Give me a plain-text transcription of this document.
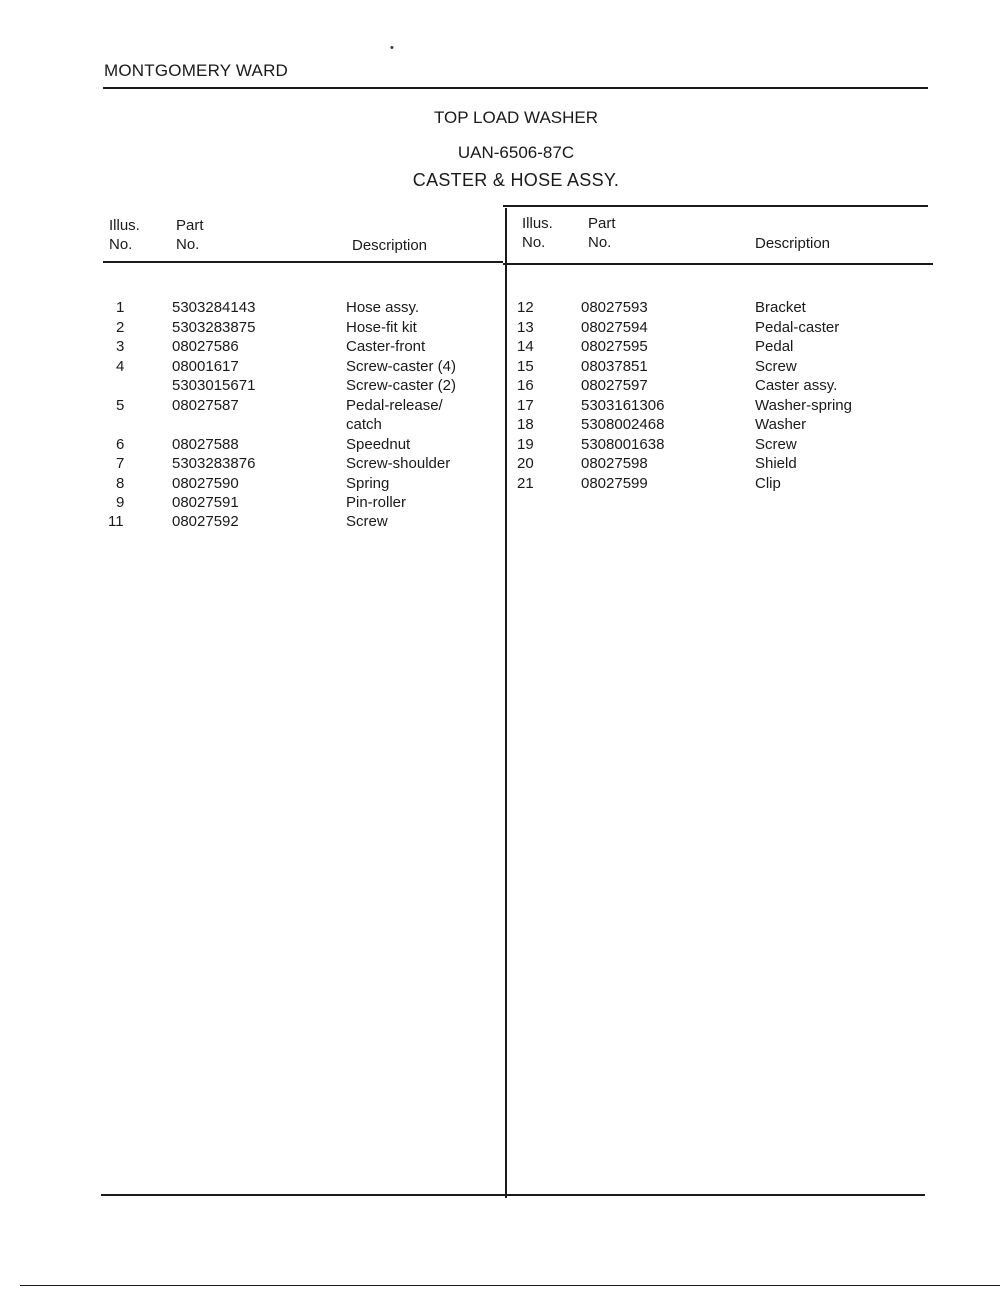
MONTGOMERY WARD
•
TOP LOAD WASHER
UAN-6506-87C
CASTER & HOSE ASSY.
Illus.
No.
Part
No.	Description
Illus.
No.
Part
No.	Description
1	5303284143	Hose assy.
2	5303283875	Hose-fit kit
3	08027586	Caster-front
4	08001617	Screw-caster (4)
5303015671	Screw-caster (2)
5	08027587	Pedal-release/
catch
6	08027588	Speednut
7	5303283876	Screw-shoulder
8	08027590	Spring
9	08027591	Pin-roller
11	08027592	Screw
12	08027593	Bracket
13	08027594	Pedal-caster
14	08027595	Pedal
15	08037851	Screw
16	08027597	Caster assy.
17	5303161306	Washer-spring
18	5308002468	Washer
19	5308001638	Screw
20	08027598	Shield
21	08027599	Clip
